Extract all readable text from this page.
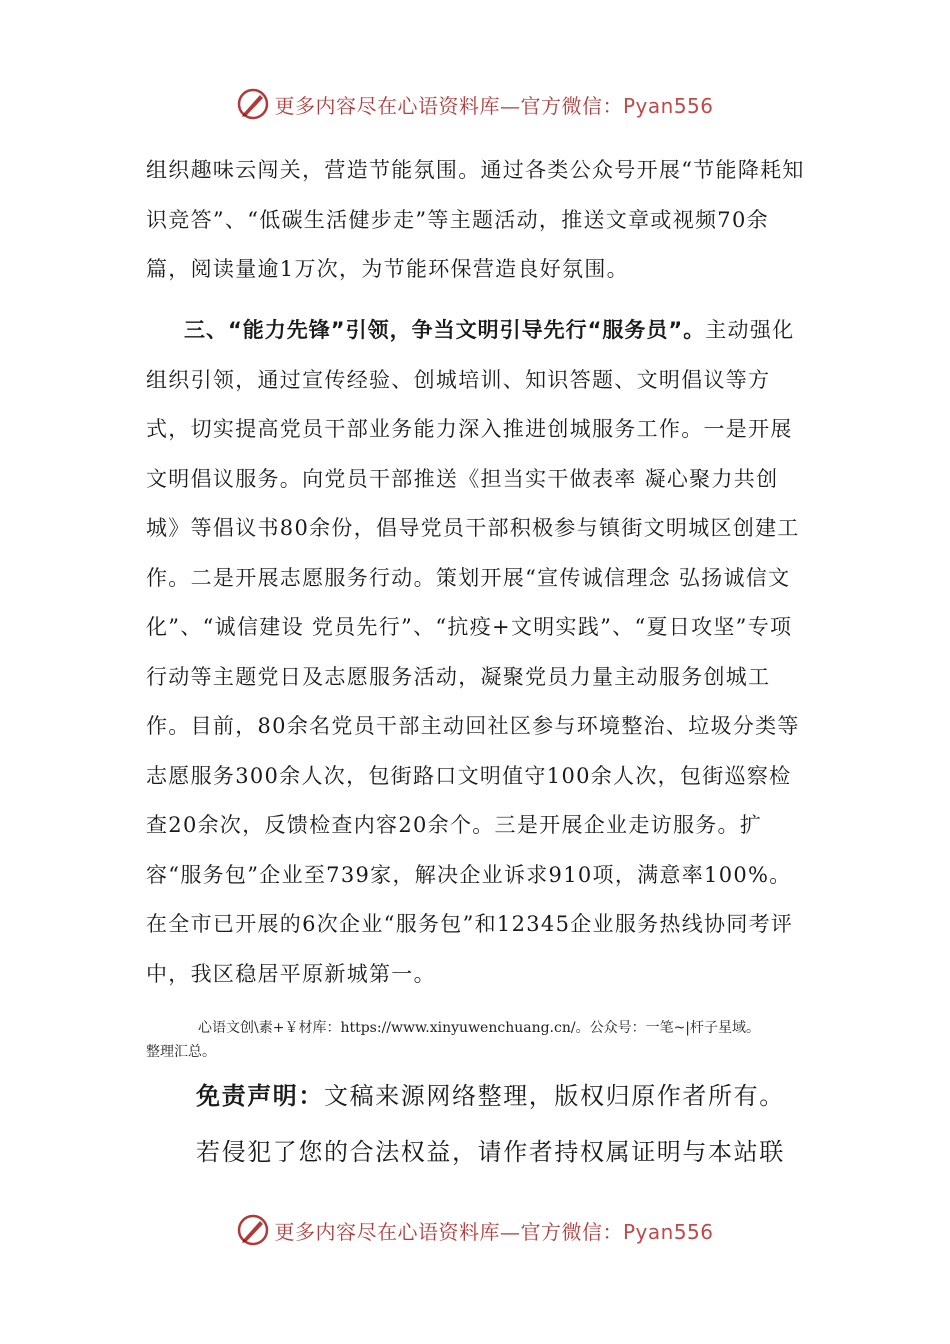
更多内容尽在心语资料库—官方微信：Pyan556
组织趣味云闯关，营造节能氛围。通过各类公众号开展“节能降耗知识竞答”、“低碳生活健步走”等主题活动，推送文章或视频70余篇，阅读量逾1万次，为节能环保营造良好氛围。
三、“能力先锋”引领，争当文明引导先行“服务员”。主动强化组织引领，通过宣传经验、创城培训、知识答题、文明倡议等方式，切实提高党员干部业务能力深入推进创城服务工作。一是开展文明倡议服务。向党员干部推送《担当实干做表率 凝心聚力共创城》等倡议书80余份，倡导党员干部积极参与镇街文明城区创建工作。二是开展志愿服务行动。策划开展“宣传诚信理念 弘扬诚信文化”、“诚信建设 党员先行”、“抗疫+文明实践”、“夏日攻坚”专项行动等主题党日及志愿服务活动，凝聚党员力量主动服务创城工作。目前，80余名党员干部主动回社区参与环境整治、垃圾分类等志愿服务300余人次，包街路口文明值守100余人次，包街巡察检查20余次，反馈检查内容20余个。三是开展企业走访服务。扩容“服务包”企业至739家，解决企业诉求910项，满意率100%。在全市已开展的6次企业“服务包”和12345企业服务热线协同考评中，我区稳居平原新城第一。
心语文创\素+￥材库：https://www.xinyuwenchuang.cn/。公众号：一笔~|杆子星域。
整理汇总。
免责声明：文稿来源网络整理，版权归原作者所有。
若侵犯了您的合法权益，请作者持权属证明与本站联
更多内容尽在心语资料库—官方微信：Pyan556
